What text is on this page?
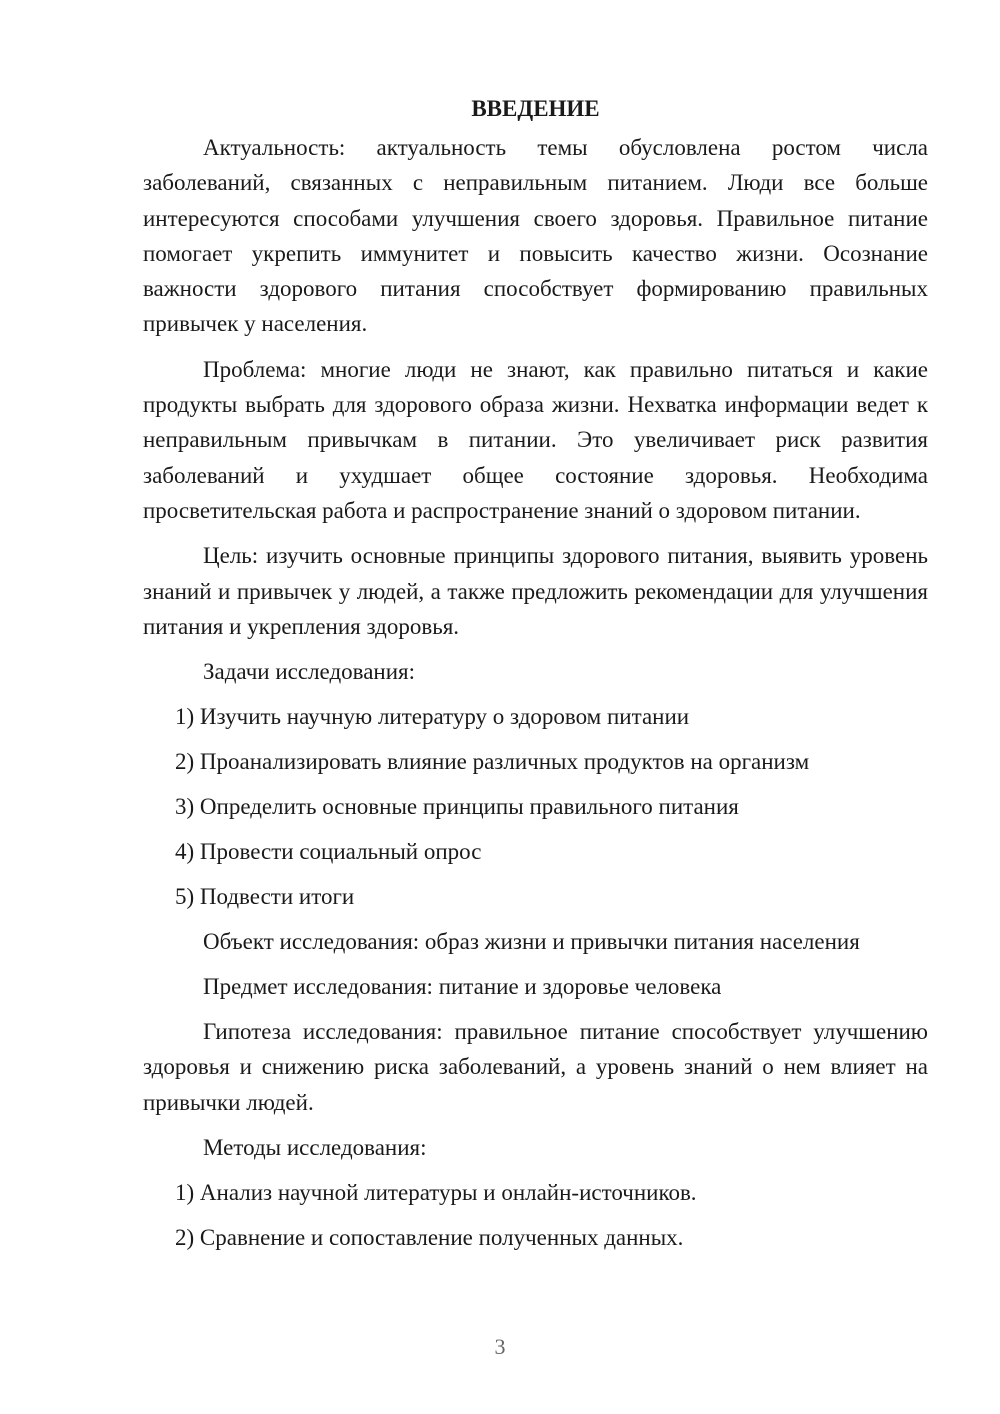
ВВЕДЕНИЕ

Актуальность: актуальность темы обусловлена ростом числа заболеваний, связанных с неправильным питанием. Люди все больше интересуются способами улучшения своего здоровья. Правильное питание помогает укрепить иммунитет и повысить качество жизни. Осознание важности здорового питания способствует формированию правильных привычек у населения.

Проблема: многие люди не знают, как правильно питаться и какие продукты выбрать для здорового образа жизни. Нехватка информации ведет к неправильным привычкам в питании. Это увеличивает риск развития заболеваний и ухудшает общее состояние здоровья. Необходима просветительская работа и распространение знаний о здоровом питании.

Цель: изучить основные принципы здорового питания, выявить уровень знаний и привычек у людей, а также предложить рекомендации для улучшения питания и укрепления здоровья.

Задачи исследования:
1) Изучить научную литературу о здоровом питании
2) Проанализировать влияние различных продуктов на организм
3) Определить основные принципы правильного питания
4) Провести социальный опрос
5) Подвести итоги
Объект исследования: образ жизни и привычки питания населения
Предмет исследования: питание и здоровье человека

Гипотеза исследования: правильное питание способствует улучшению здоровья и снижению риска заболеваний, а уровень знаний о нем влияет на привычки людей.

Методы исследования:
1) Анализ научной литературы и онлайн-источников.
2) Сравнение и сопоставление полученных данных.
3
